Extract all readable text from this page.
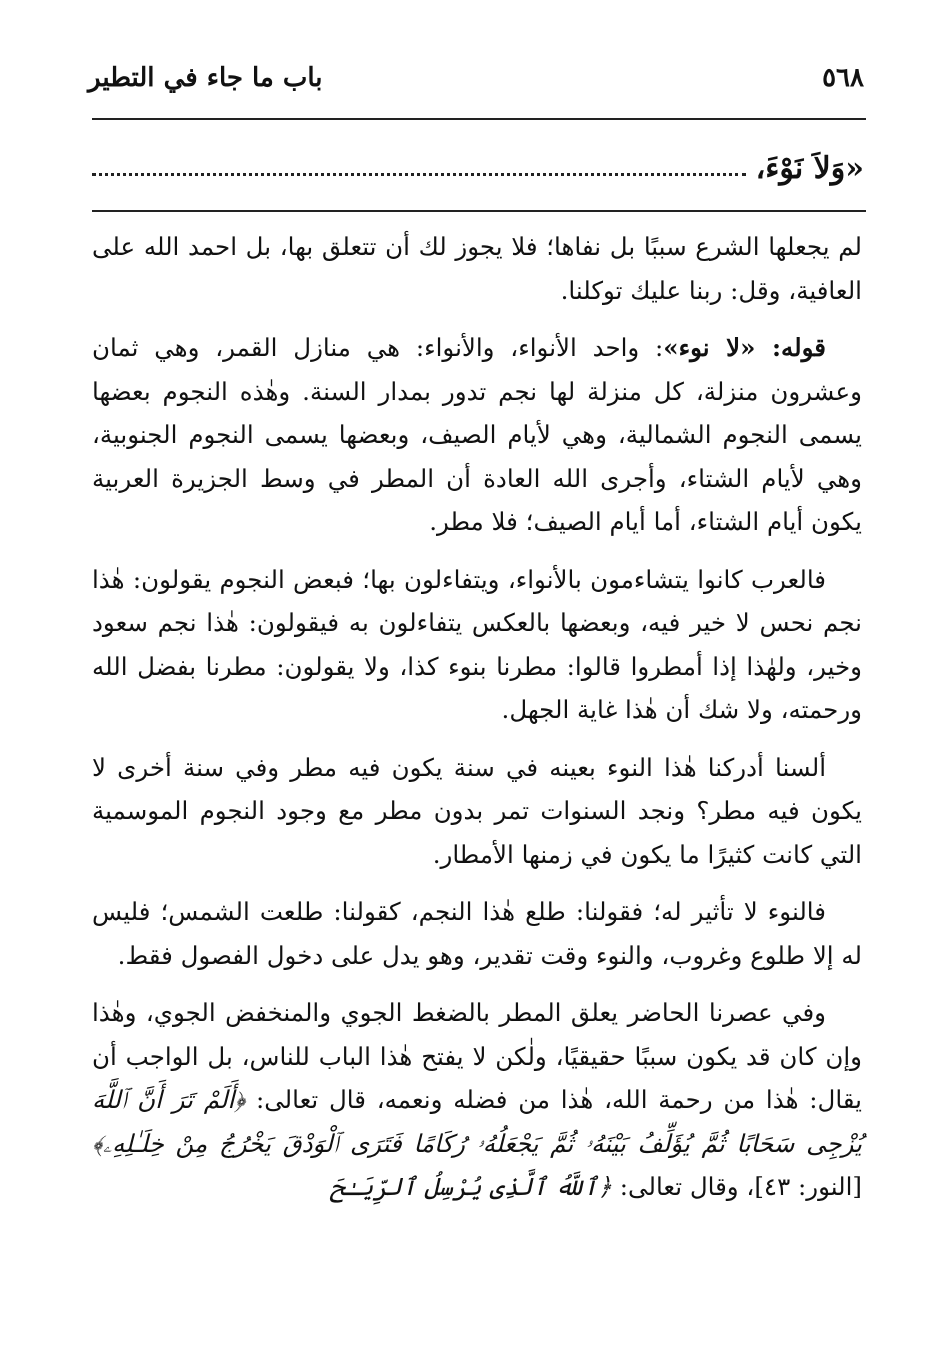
٥٦٨
باب ما جاء في التطير
«وَلاَ نَوْءَ،

لم يجعلها الشرع سببًا بل نفاها؛ فلا يجوز لك أن تتعلق بها، بل احمد الله على العافية، وقل: ربنا عليك توكلنا.

قوله: «لا نوء»: واحد الأنواء، والأنواء: هي منازل القمر، وهي ثمان وعشرون منزلة، كل منزلة لها نجم تدور بمدار السنة. وهٰذه النجوم بعضها يسمى النجوم الشمالية، وهي لأيام الصيف، وبعضها يسمى النجوم الجنوبية، وهي لأيام الشتاء، وأجرى الله العادة أن المطر في وسط الجزيرة العربية يكون أيام الشتاء، أما أيام الصيف؛ فلا مطر.

فالعرب كانوا يتشاءمون بالأنواء، ويتفاءلون بها؛ فبعض النجوم يقولون: هٰذا نجم نحس لا خير فيه، وبعضها بالعكس يتفاءلون به فيقولون: هٰذا نجم سعود وخير، ولهٰذا إذا أمطروا قالوا: مطرنا بنوء كذا، ولا يقولون: مطرنا بفضل الله ورحمته، ولا شك أن هٰذا غاية الجهل.

ألسنا أدركنا هٰذا النوء بعينه في سنة يكون فيه مطر وفي سنة أخرى لا يكون فيه مطر؟ ونجد السنوات تمر بدون مطر مع وجود النجوم الموسمية التي كانت كثيرًا ما يكون في زمنها الأمطار.

فالنوء لا تأثير له؛ فقولنا: طلع هٰذا النجم، كقولنا: طلعت الشمس؛ فليس له إلا طلوع وغروب، والنوء وقت تقدير، وهو يدل على دخول الفصول فقط.

وفي عصرنا الحاضر يعلق المطر بالضغط الجوي والمنخفض الجوي، وهٰذا وإن كان قد يكون سببًا حقيقيًا، ولٰكن لا يفتح هٰذا الباب للناس، بل الواجب أن يقال: هٰذا من رحمة الله، هٰذا من فضله ونعمه، قال تعالى: ﴿أَلَمْ تَرَ أَنَّ ٱللَّهَ يُزْجِى سَحَابًا ثُمَّ يُؤَلِّفُ بَيْنَهُۥ ثُمَّ يَجْعَلُهُۥ رُكَامًا فَتَرَى ٱلْوَدْقَ يَخْرُجُ مِنْ خِلَـٰلِهِۦ﴾ [النور: ٤٣]، وقال تعالى: ﴿ٱللَّهُ ٱلَّذِى يُرْسِلُ ٱلرِّيَـٰحَ
